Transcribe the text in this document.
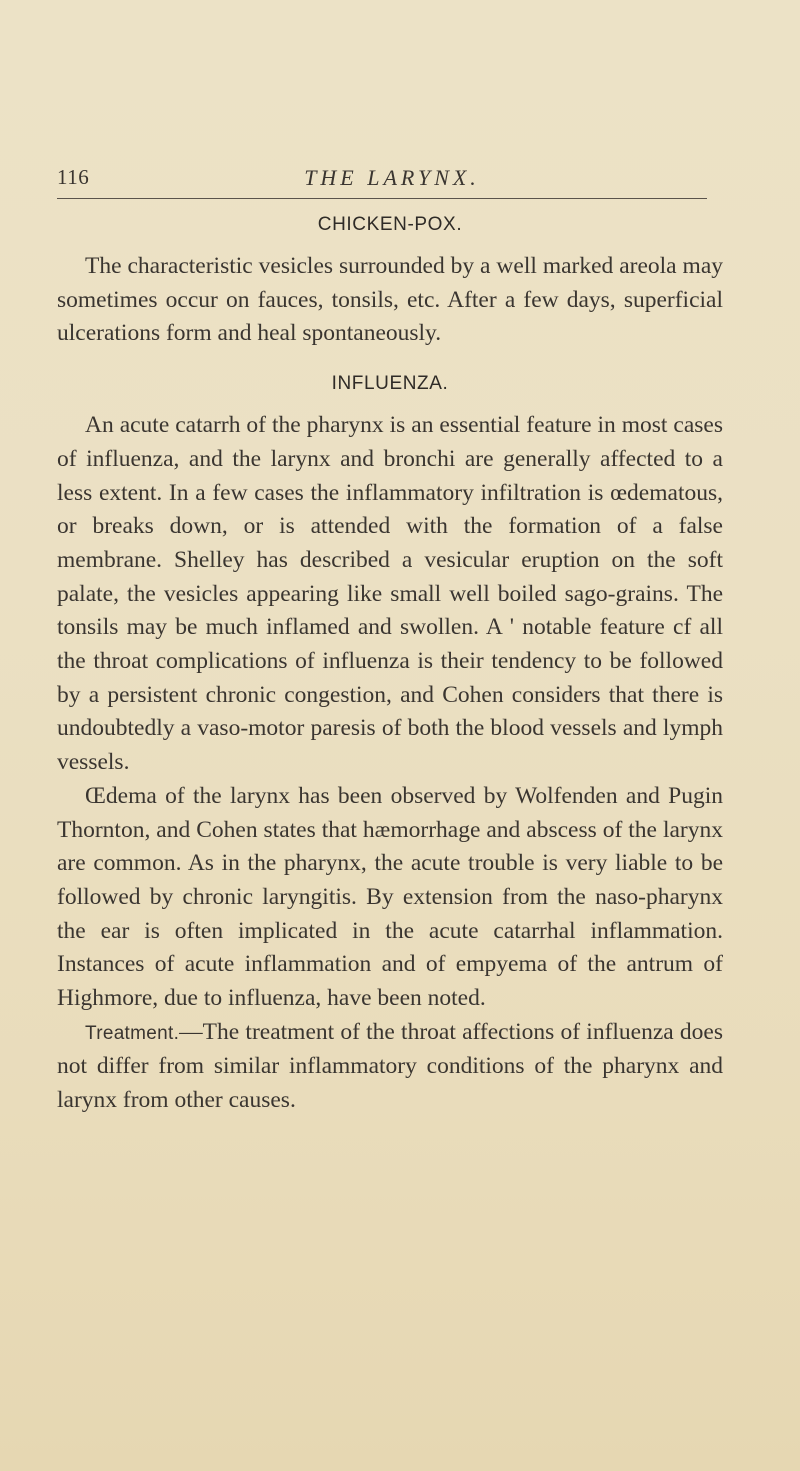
116	THE LARYNX.
CHICKEN-POX.

The characteristic vesicles surrounded by a well marked areola may sometimes occur on fauces, tonsils, etc. After a few days, superficial ulcerations form and heal spontaneously.

INFLUENZA.

An acute catarrh of the pharynx is an essential feature in most cases of influenza, and the larynx and bronchi are generally affected to a less extent. In a few cases the inflammatory infiltration is œdematous, or breaks down, or is attended with the formation of a false membrane. Shelley has described a vesicular eruption on the soft palate, the vesicles appearing like small well boiled sago-grains. The tonsils may be much inflamed and swollen. A ' notable feature cf all the throat complications of influenza is their tendency to be followed by a persistent chronic congestion, and Cohen considers that there is undoubtedly a vaso-motor paresis of both the blood vessels and lymph vessels.

Œdema of the larynx has been observed by Wolfenden and Pugin Thornton, and Cohen states that hæmorrhage and abscess of the larynx are common. As in the pharynx, the acute trouble is very liable to be followed by chronic laryngitis. By extension from the naso-pharynx the ear is often implicated in the acute catarrhal inflammation. Instances of acute inflammation and of empyema of the antrum of Highmore, due to influenza, have been noted.

Treatment.—The treatment of the throat affections of influenza does not differ from similar inflammatory conditions of the pharynx and larynx from other causes.
